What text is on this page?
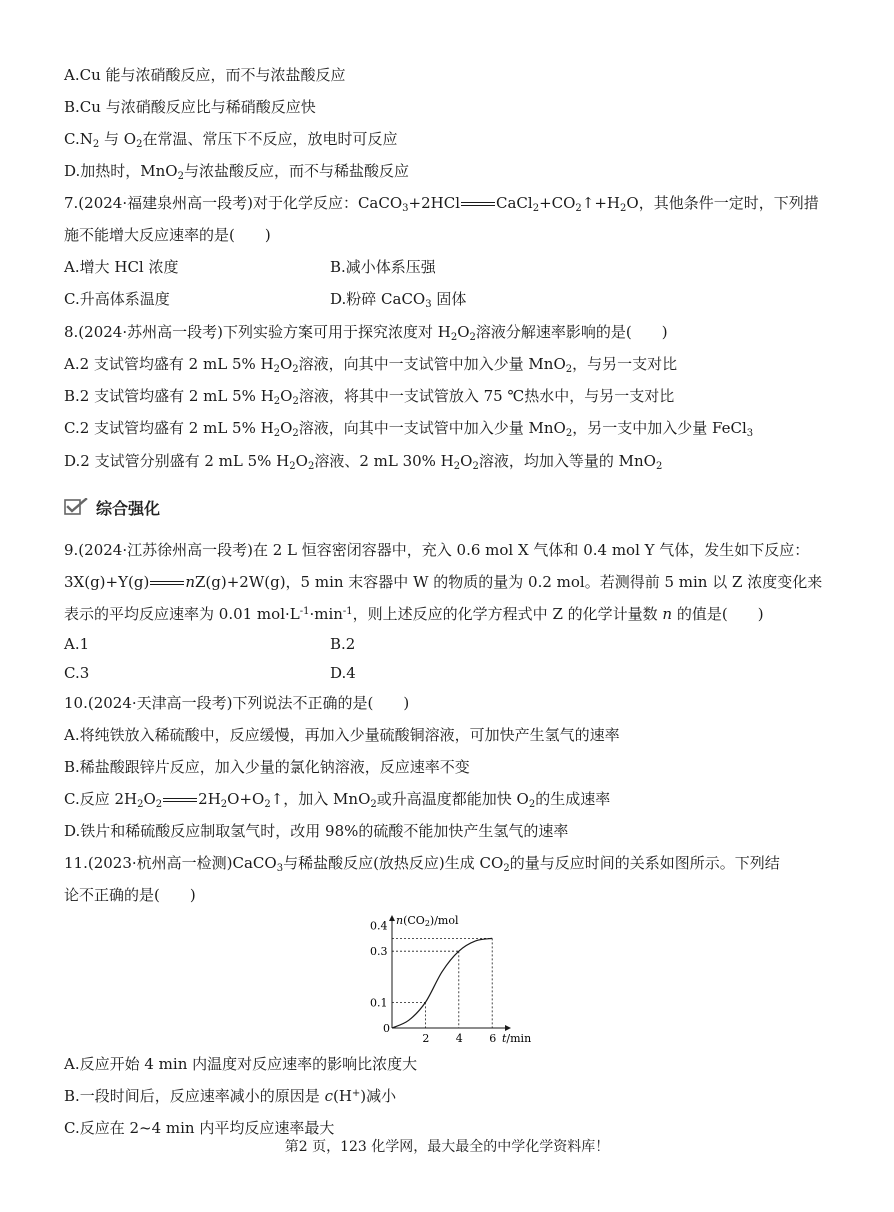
A.Cu 能与浓硝酸反应，而不与浓盐酸反应
B.Cu 与浓硝酸反应比与稀硝酸反应快
$C.N_2$ 与 $O_2$在常温、常压下不反应，放电时可反应
D.加热时，MnO$_2$与浓盐酸反应，而不与稀盐酸反应
7.(2024·福建泉州高一段考)对于化学反应：CaCO$_3$+2HCl $CaCl_2+CO_2↑+H_2O$，其他条件一定时，下列措
施不能增大反应速率的是(　　)
A.增大 HCl 浓度	B.减小体系压强
C.升高体系温度	D.粉碎 CaCO$_3$ 固体
8.(2024·苏州高一段考)下列实验方案可用于探究浓度对 $H_2O_2$溶液分解速率影响的是(　　)
A.2 支试管均盛有 2 mL 5% $H_2O_2$溶液，向其中一支试管中加入少量 MnO$_2$，与另一支对比
B.2 支试管均盛有 2 mL 5% $H_2O_2$溶液，将其中一支试管放入 75 ℃热水中，与另一支对比
C.2 支试管均盛有 2 mL 5% $H_2O_2$溶液，向其中一支试管中加入少量 MnO$_2$，另一支中加入少量 FeCl$_3$
D.2 支试管分别盛有 2 mL 5% $H_2O_2$溶液、2 mL 30% $H_2O_2$溶液，均加入等量的 MnO$_2$
综合强化
9.(2024·江苏徐州高一段考)在 2 L 恒容密闭容器中，充入 0.6 mol X 气体和 0.4 mol Y 气体，发生如下反应：
3X(g)+Y(g) nZ(g)+2W(g)，5 min 末容器中 W 的物质的量为 0.2 mol。若测得前 5 min 以 Z 浓度变化来
表示的平均反应速率为 0.01 $mol\cdot L^{-1}\cdot\min^{-1}$，则上述反应的化学方程式中 Z 的化学计量数 n 的值是(　　)
A.1	B.2
C.3	D.4
10.(2024·天津高一段考)下列说法不正确的是(　　)
A.将纯铁放入稀硫酸中，反应缓慢，再加入少量硫酸铜溶液，可加快产生氢气的速率
B.稀盐酸跟锌片反应，加入少量的氯化钠溶液，反应速率不变
C.反应 $2H_2O_2$ $2H_2O+O_2↑$，加入 MnO$_2$或升高温度都能加快 $O_2$的生成速率
D.铁片和稀硫酸反应制取氢气时，改用 98%的硫酸不能加快产生氢气的速率
11.(2023·杭州高一检测)CaCO$_3$与稀盐酸反应(放热反应)生成 $CO_2$的量与反应时间的关系如图所示。下列结
论不正确的是(　　)
0.1
0.3
0.4
2 4 6
n(CO2)/mol
t/min
0
A.反应开始 4 min 内温度对反应速率的影响比浓度大
B.一段时间后，反应速率减小的原因是 c(H+)减小
C.反应在 2~4 min 内平均反应速率最大
第2 页，123 化学网，最大最全的中学化学资料库！
